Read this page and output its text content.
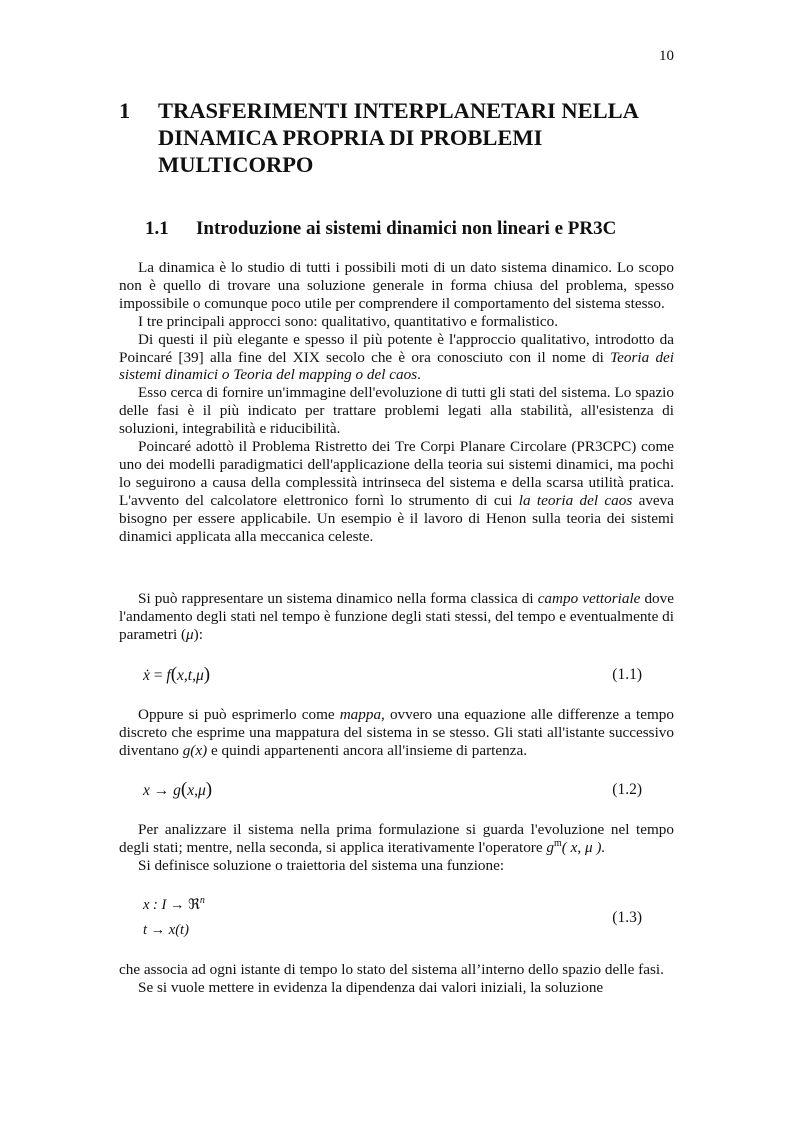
10
1	TRASFERIMENTI INTERPLANETARI NELLA DINAMICA PROPRIA DI PROBLEMI MULTICORPO
1.1	Introduzione ai sistemi dinamici non lineari e PR3C

La dinamica è lo studio di tutti i possibili moti di un dato sistema dinamico. Lo scopo non è quello di trovare una soluzione generale in forma chiusa del problema, spesso impossibile o comunque poco utile per comprendere il comportamento del sistema stesso.

I tre principali approcci sono: qualitativo, quantitativo e formalistico.

Di questi il più elegante e spesso il più potente è l'approccio qualitativo, introdotto da Poincaré [39] alla fine del XIX secolo che è ora conosciuto con il nome di Teoria dei sistemi dinamici o Teoria del mapping o del caos.

Esso cerca di fornire un'immagine dell'evoluzione di tutti gli stati del sistema. Lo spazio delle fasi è il più indicato per trattare problemi legati alla stabilità, all'esistenza di soluzioni, integrabilità e riducibilità.

Poincaré adottò il Problema Ristretto dei Tre Corpi Planare Circolare (PR3CPC) come uno dei modelli paradigmatici dell'applicazione della teoria sui sistemi dinamici, ma pochi lo seguirono a causa della complessità intrinseca del sistema e della scarsa utilità pratica. L'avvento del calcolatore elettronico fornì lo strumento di cui la teoria del caos aveva bisogno per essere applicabile. Un esempio è il lavoro di Henon sulla teoria dei sistemi dinamici applicata alla meccanica celeste.

Si può rappresentare un sistema dinamico nella forma classica di campo vettoriale dove l'andamento degli stati nel tempo è funzione degli stati stessi, del tempo e eventualmente di parametri (μ):

ẋ = f(x,t,μ)	(1.1)

Oppure si può esprimerlo come mappa, ovvero una equazione alle differenze a tempo discreto che esprime una mappatura del sistema in se stesso. Gli stati all'istante successivo diventano g(x) e quindi appartenenti ancora all'insieme di partenza.

x → g(x,μ)	(1.2)

Per analizzare il sistema nella prima formulazione si guarda l'evoluzione nel tempo degli stati; mentre, nella seconda, si applica iterativamente l'operatore $g^m$( x, μ ).

Si definisce soluzione o traiettoria del sistema una funzione:

x : I → ℜ$^n$
t → x(t)
(1.3)

che associa ad ogni istante di tempo lo stato del sistema all’interno dello spazio delle fasi.

Se si vuole mettere in evidenza la dipendenza dai valori iniziali, la soluzione
